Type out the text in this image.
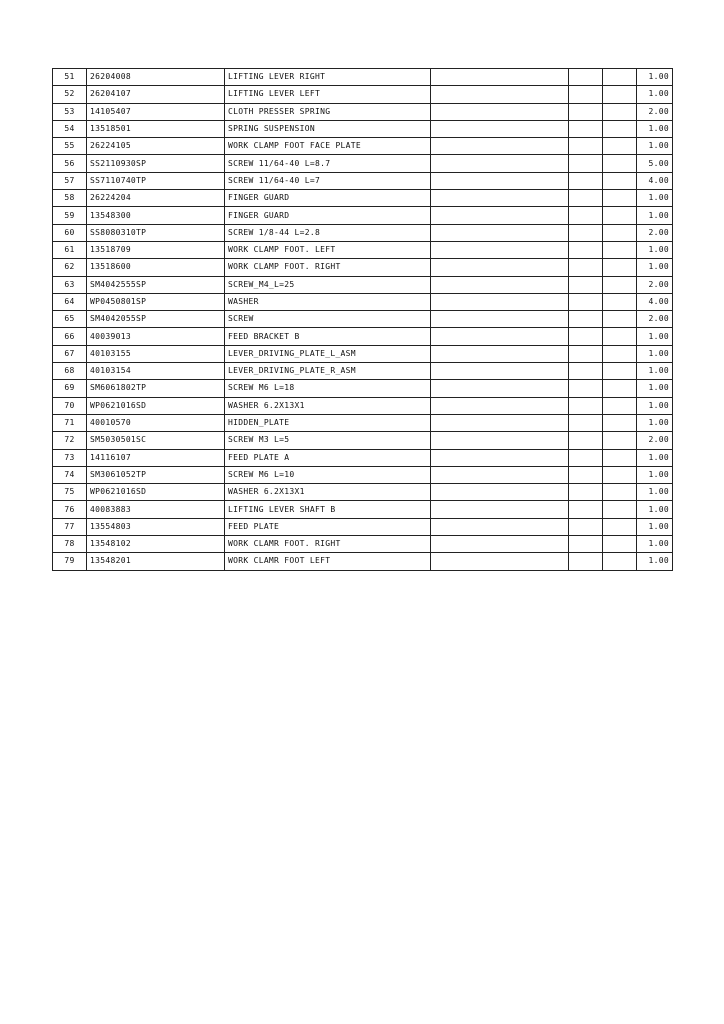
51	26204008	LIFTING LEVER RIGHT				1.00
52	26204107	LIFTING LEVER LEFT				1.00
53	14105407	CLOTH PRESSER SPRING				2.00
54	13518501	SPRING SUSPENSION				1.00
55	26224105	WORK CLAMP FOOT FACE PLATE				1.00
56	SS2110930SP	SCREW 11/64-40 L=8.7				5.00
57	SS7110740TP	SCREW 11/64-40 L=7				4.00
58	26224204	FINGER GUARD				1.00
59	13548300	FINGER GUARD				1.00
60	SS8080310TP	SCREW 1/8-44 L=2.8				2.00
61	13518709	WORK CLAMP FOOT. LEFT				1.00
62	13518600	WORK CLAMP FOOT. RIGHT				1.00
63	SM4042555SP	SCREW_M4_L=25				2.00
64	WP0450801SP	WASHER				4.00
65	SM4042055SP	SCREW				2.00
66	40039013	FEED BRACKET B				1.00
67	40103155	LEVER_DRIVING_PLATE_L_ASM				1.00
68	40103154	LEVER_DRIVING_PLATE_R_ASM				1.00
69	SM6061802TP	SCREW M6 L=18				1.00
70	WP0621016SD	WASHER 6.2X13X1				1.00
71	40010570	HIDDEN_PLATE				1.00
72	SM5030501SC	SCREW M3 L=5				2.00
73	14116107	FEED PLATE A				1.00
74	SM3061052TP	SCREW M6 L=10				1.00
75	WP0621016SD	WASHER 6.2X13X1				1.00
76	40083883	LIFTING LEVER SHAFT B				1.00
77	13554803	FEED PLATE				1.00
78	13548102	WORK CLAMR FOOT. RIGHT				1.00
79	13548201	WORK CLAMR FOOT LEFT				1.00
